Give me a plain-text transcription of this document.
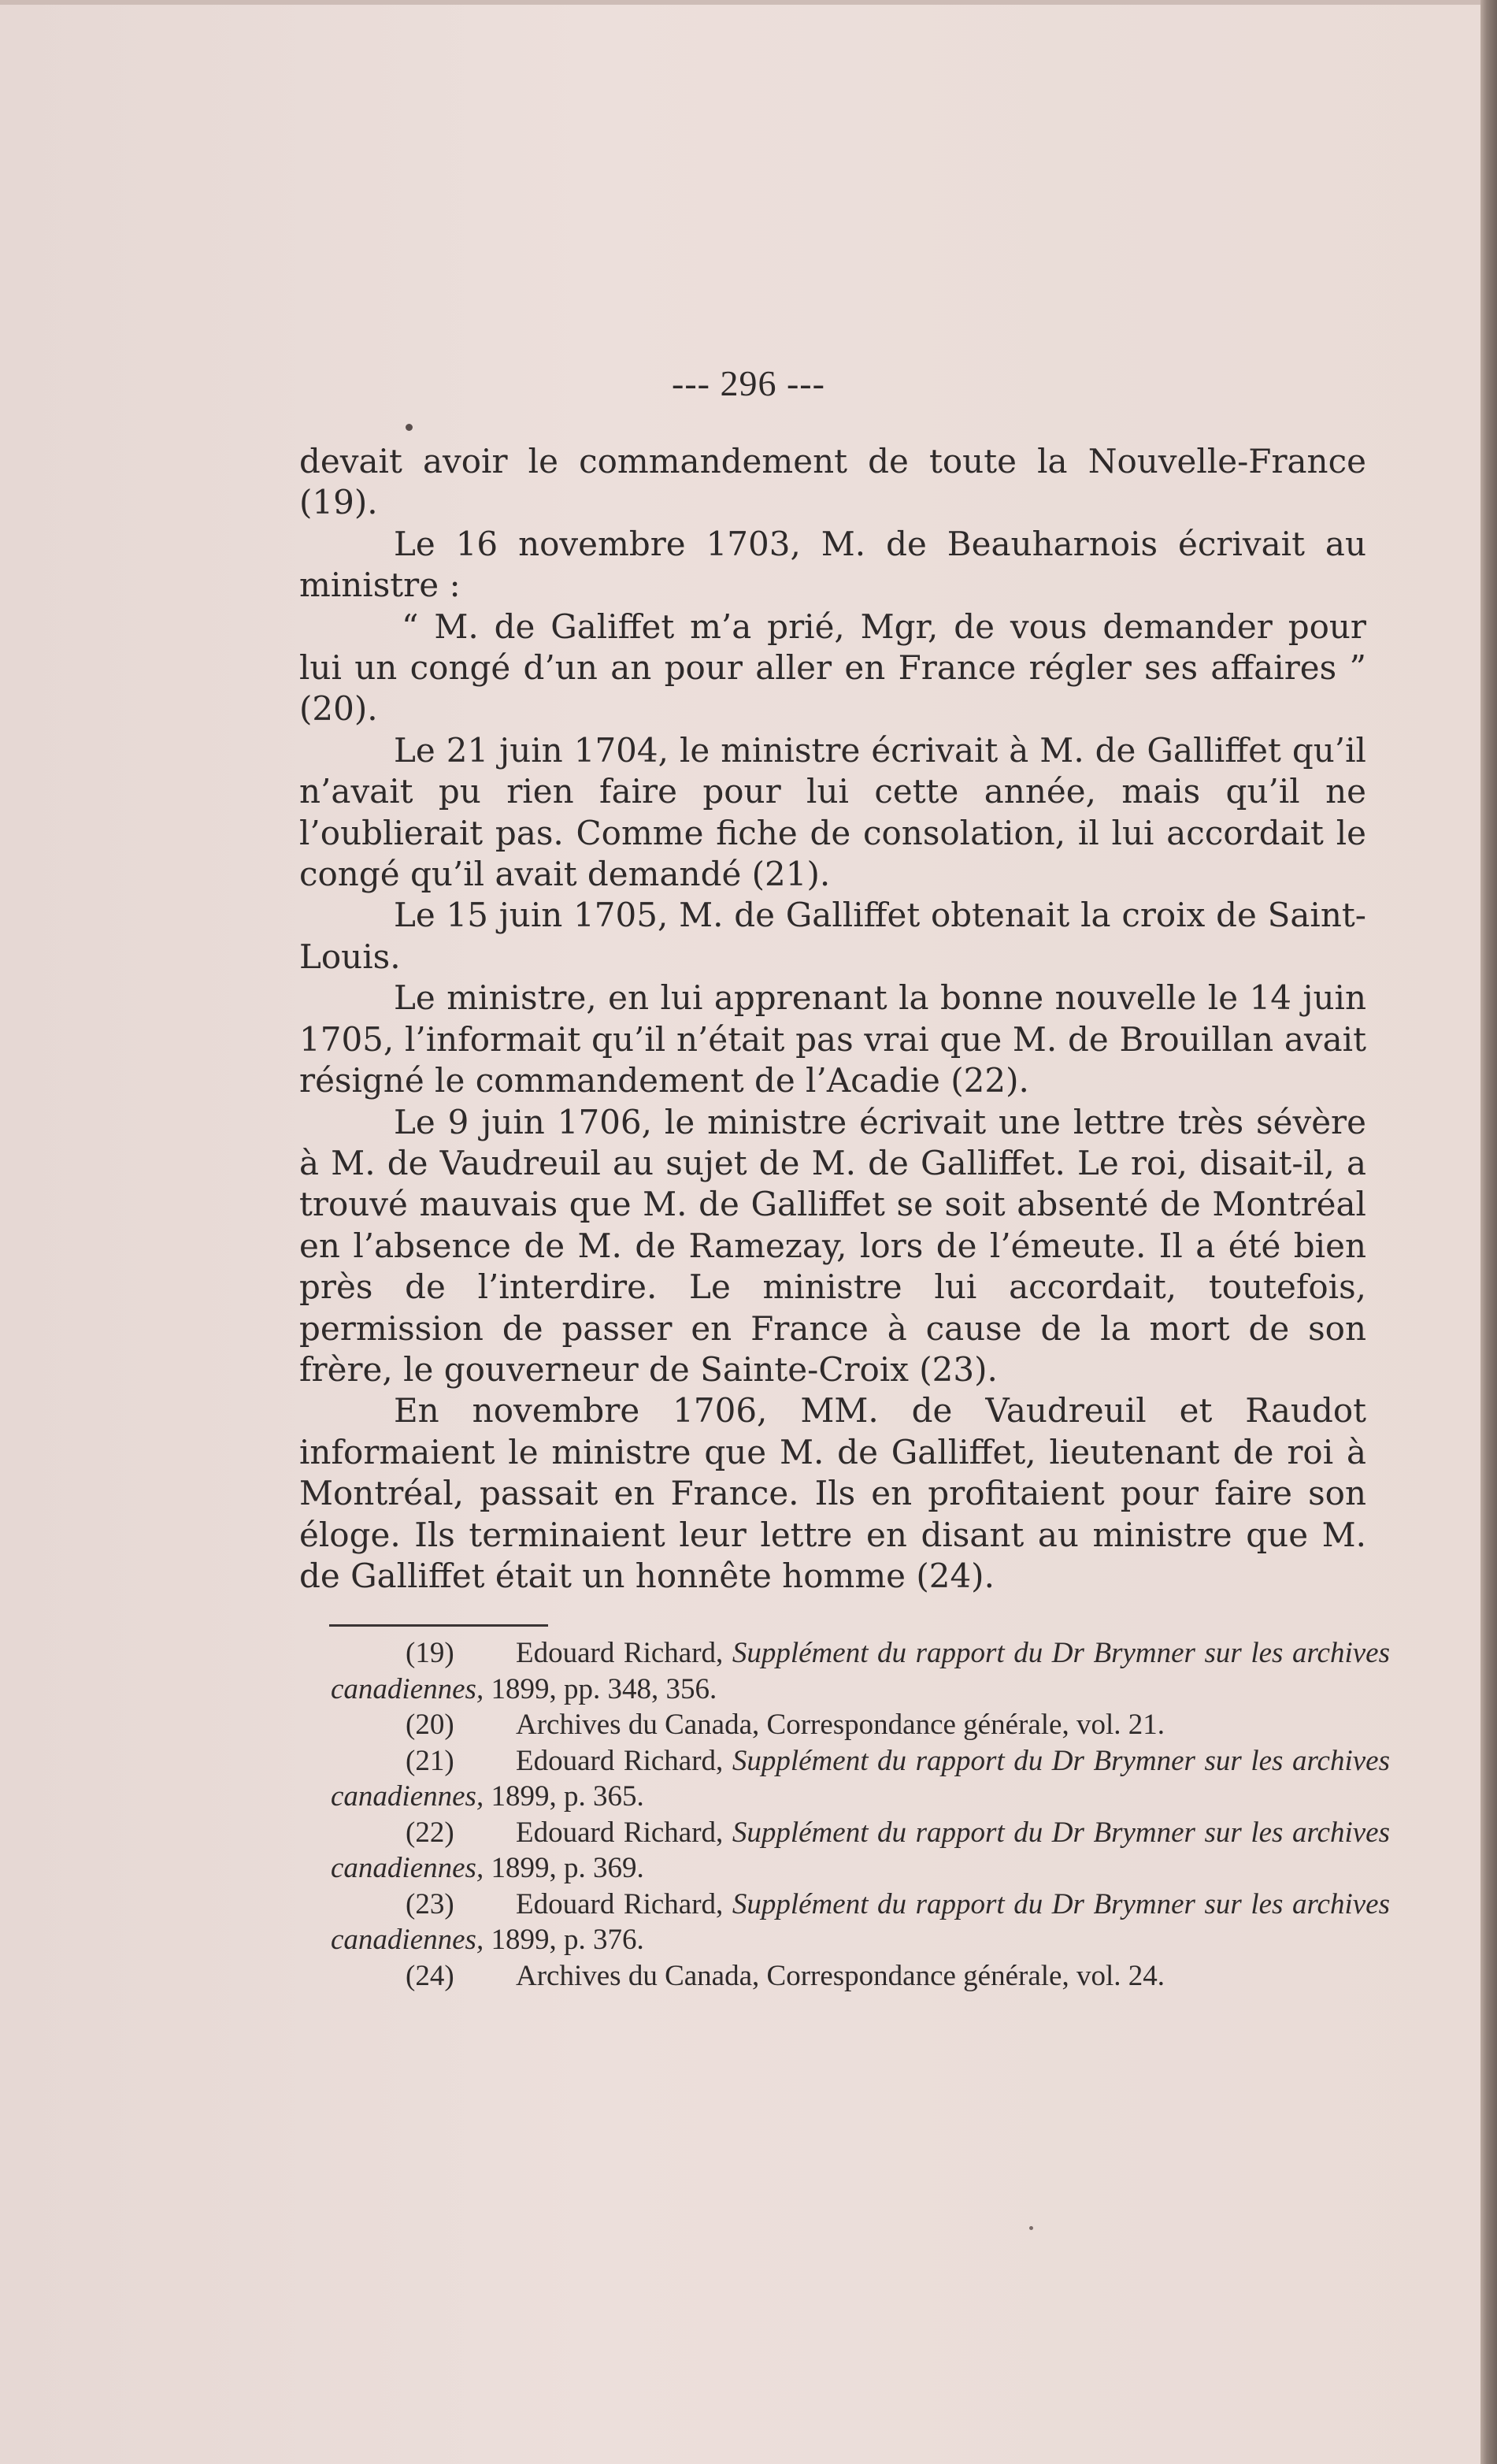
--- 296 ---

devait avoir le commandement de toute la Nouvelle-France (19).

Le 16 novembre 1703, M. de Beauharnois écrivait au ministre :

“ M. de Galiffet m’a prié, Mgr, de vous demander pour lui un congé d’un an pour aller en France régler ses affaires ” (20).

Le 21 juin 1704, le ministre écrivait à M. de Galliffet qu’il n’avait pu rien faire pour lui cette année, mais qu’il ne l’oublierait pas. Comme fiche de consolation, il lui accordait le congé qu’il avait demandé (21).

Le 15 juin 1705, M. de Galliffet obtenait la croix de Saint-Louis.

Le ministre, en lui apprenant la bonne nouvelle le 14 juin 1705, l’informait qu’il n’était pas vrai que M. de Brouillan avait résigné le commandement de l’Acadie (22).

Le 9 juin 1706, le ministre écrivait une lettre très sévère à M. de Vaudreuil au sujet de M. de Galliffet. Le roi, disait-il, a trouvé mauvais que M. de Galliffet se soit absenté de Montréal en l’absence de M. de Ramezay, lors de l’émeute. Il a été bien près de l’interdire. Le ministre lui accordait, toutefois, permission de passer en France à cause de la mort de son frère, le gouverneur de Sainte-Croix (23).

En novembre 1706, MM. de Vaudreuil et Raudot informaient le ministre que M. de Galliffet, lieutenant de roi à Montréal, passait en France. Ils en profitaient pour faire son éloge. Ils terminaient leur lettre en disant au ministre que M. de Galliffet était un honnête homme (24).

(19) Edouard Richard, Supplément du rapport du Dr Brymner sur les archives canadiennes, 1899, pp. 348, 356.

(20) Archives du Canada, Correspondance générale, vol. 21.

(21) Edouard Richard, Supplément du rapport du Dr Brymner sur les archives canadiennes, 1899, p. 365.

(22) Edouard Richard, Supplément du rapport du Dr Brymner sur les archives canadiennes, 1899, p. 369.

(23) Edouard Richard, Supplément du rapport du Dr Brymner sur les archives canadiennes, 1899, p. 376.

(24) Archives du Canada, Correspondance générale, vol. 24.
